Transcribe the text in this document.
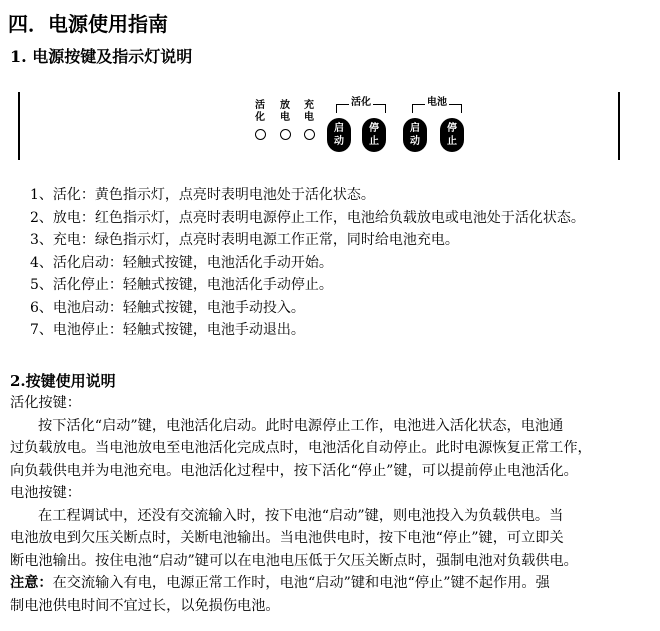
四．电源使用指南
1. 电源按键及指示灯说明
活
化
放
电
充
电
活化	电池
启
动
停
止
启
动
停
止
1、活化：黄色指示灯，点亮时表明电池处于活化状态。
2、放电：红色指示灯，点亮时表明电源停止工作，电池给负载放电或电池处于活化状态。
3、充电：绿色指示灯，点亮时表明电源工作正常，同时给电池充电。
4、活化启动：轻触式按键，电池活化手动开始。
5、活化停止：轻触式按键，电池活化手动停止。
6、电池启动：轻触式按键，电池手动投入。
7、电池停止：轻触式按键，电池手动退出。
2.按键使用说明
活化按键：
按下活化“启动”键，电池活化启动。此时电源停止工作，电池进入活化状态，电池通
过负载放电。当电池放电至电池活化完成点时，电池活化自动停止。此时电源恢复正常工作，
向负载供电并为电池充电。电池活化过程中，按下活化“停止”键，可以提前停止电池活化。
电池按键：
在工程调试中，还没有交流输入时，按下电池“启动”键，则电池投入为负载供电。当
电池放电到欠压关断点时，关断电池输出。当电池供电时，按下电池“停止”键，可立即关
断电池输出。按住电池“启动”键可以在电池电压低于欠压关断点时，强制电池对负载供电。
注意：在交流输入有电，电源正常工作时，电池“启动”键和电池“停止”键不起作用。强
制电池供电时间不宜过长，以免损伤电池。
